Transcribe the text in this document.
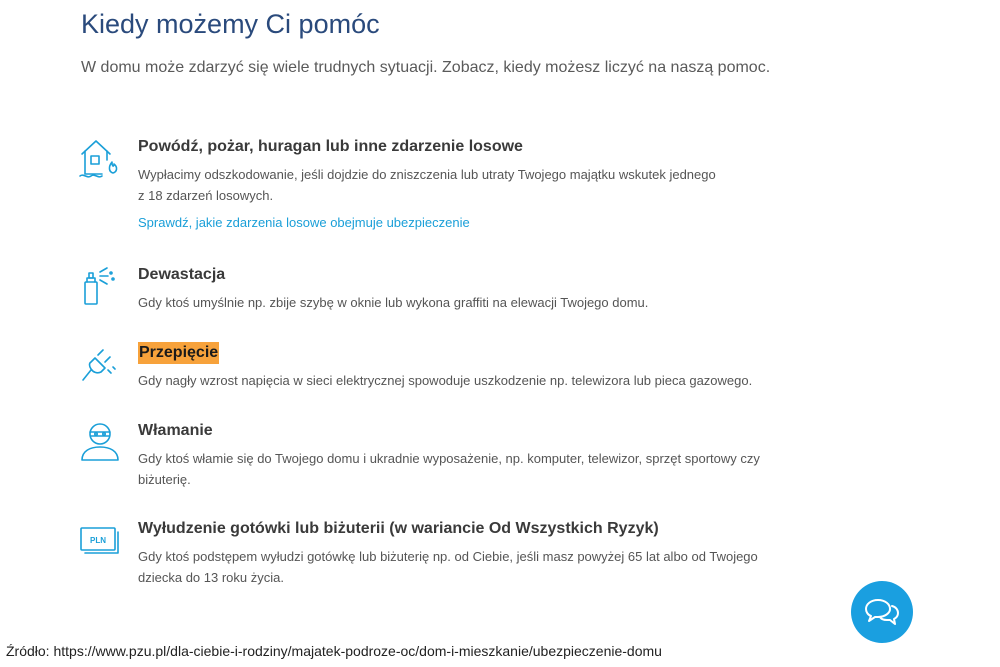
Kiedy możemy Ci pomóc

W domu może zdarzyć się wiele trudnych sytuacji. Zobacz, kiedy możesz liczyć na naszą pomoc.

Powódź, pożar, huragan lub inne zdarzenie losowe
Wypłacimy odszkodowanie, jeśli dojdzie do zniszczenia lub utraty Twojego majątku wskutek jednego
z 18 zdarzeń losowych.
Sprawdź, jakie zdarzenia losowe obejmuje ubezpieczenie
Dewastacja
Gdy ktoś umyślnie np. zbije szybę w oknie lub wykona graffiti na elewacji Twojego domu.
Przepięcie
Gdy nagły wzrost napięcia w sieci elektrycznej spowoduje uszkodzenie np. telewizora lub pieca gazowego.
Włamanie
Gdy ktoś włamie się do Twojego domu i ukradnie wyposażenie, np. komputer, telewizor, sprzęt sportowy czy
biżuterię.
PLN
Wyłudzenie gotówki lub biżuterii (w wariancie Od Wszystkich Ryzyk)
Gdy ktoś podstępem wyłudzi gotówkę lub biżuterię np. od Ciebie, jeśli masz powyżej 65 lat albo od Twojego
dziecka do 13 roku życia.
Źródło: https://www.pzu.pl/dla-ciebie-i-rodziny/majatek-podroze-oc/dom-i-mieszkanie/ubezpieczenie-domu
